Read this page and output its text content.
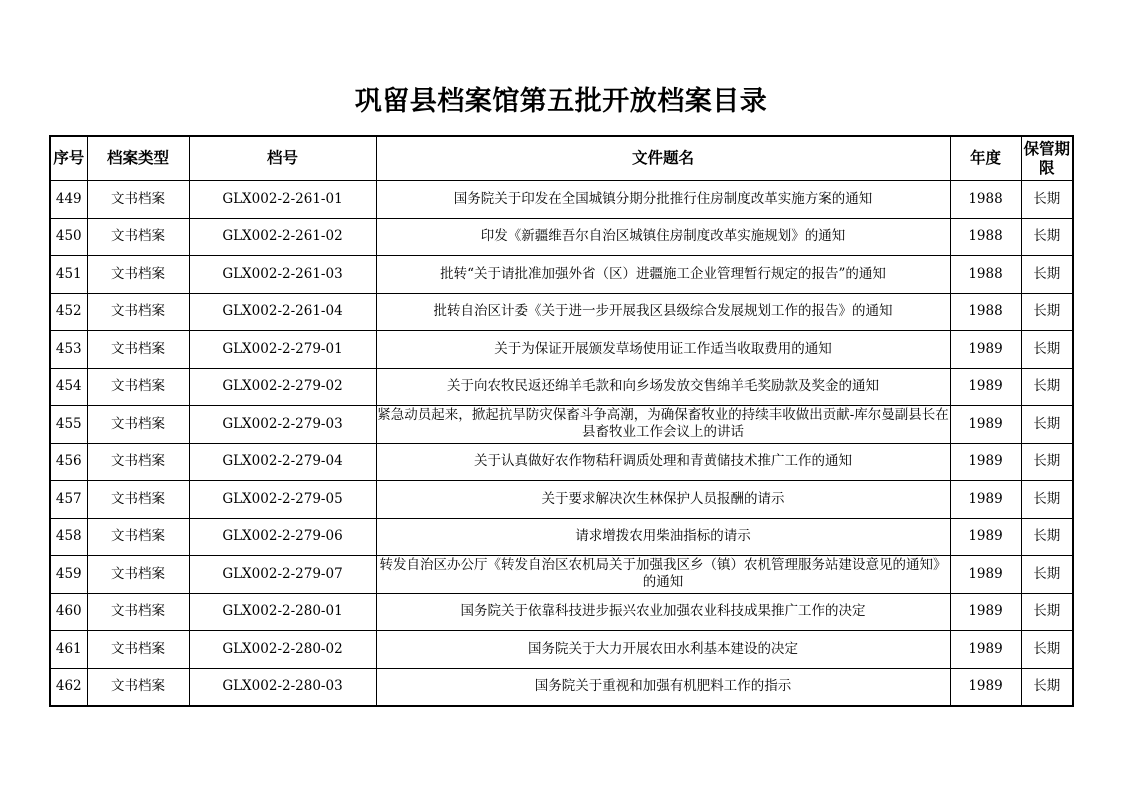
巩留县档案馆第五批开放档案目录
序号	档案类型	档号	文件题名	年度	保管期限
449	文书档案	GLX002-2-261-01	国务院关于印发在全国城镇分期分批推行住房制度改革实施方案的通知	1988	长期
450	文书档案	GLX002-2-261-02	印发《新疆维吾尔自治区城镇住房制度改革实施规划》的通知	1988	长期
451	文书档案	GLX002-2-261-03	批转“关于请批准加强外省（区）进疆施工企业管理暂行规定的报告”的通知	1988	长期
452	文书档案	GLX002-2-261-04	批转自治区计委《关于进一步开展我区县级综合发展规划工作的报告》的通知	1988	长期
453	文书档案	GLX002-2-279-01	关于为保证开展颁发草场使用证工作适当收取费用的通知	1989	长期
454	文书档案	GLX002-2-279-02	关于向农牧民返还绵羊毛款和向乡场发放交售绵羊毛奖励款及奖金的通知	1989	长期
455	文书档案	GLX002-2-279-03	紧急动员起来，掀起抗旱防灾保畜斗争高潮，为确保畜牧业的持续丰收做出贡献-库尔曼副县长在县畜牧业工作会议上的讲话	1989	长期
456	文书档案	GLX002-2-279-04	关于认真做好农作物秸秆调质处理和青黄储技术推广工作的通知	1989	长期
457	文书档案	GLX002-2-279-05	关于要求解决次生林保护人员报酬的请示	1989	长期
458	文书档案	GLX002-2-279-06	请求增拨农用柴油指标的请示	1989	长期
459	文书档案	GLX002-2-279-07	转发自治区办公厅《转发自治区农机局关于加强我区乡（镇）农机管理服务站建设意见的通知》的通知	1989	长期
460	文书档案	GLX002-2-280-01	国务院关于依靠科技进步振兴农业加强农业科技成果推广工作的决定	1989	长期
461	文书档案	GLX002-2-280-02	国务院关于大力开展农田水利基本建设的决定	1989	长期
462	文书档案	GLX002-2-280-03	国务院关于重视和加强有机肥料工作的指示	1989	长期
